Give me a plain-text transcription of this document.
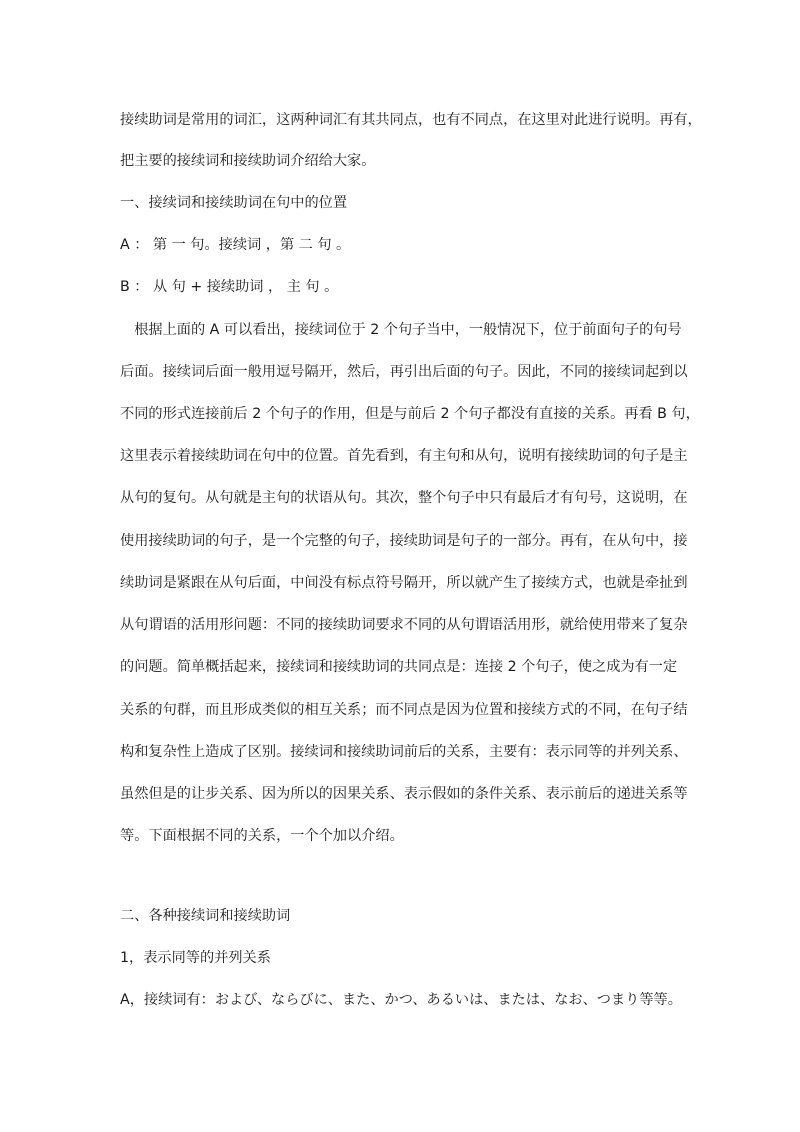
接续助词是常用的词汇，这两种词汇有其共同点，也有不同点，在这里对此进行说明。再有，
把主要的接续词和接续助词介绍给大家。
一、接续词和接续助词在句中的位置
A ： 第 一 句。接续词 ，第 二 句 。
B ： 从 句 + 接续助词 ， 主 句 。
　根据上面的 A 可以看出，接续词位于 2 个句子当中，一般情况下，位于前面句子的句号
后面。接续词后面一般用逗号隔开，然后，再引出后面的句子。因此，不同的接续词起到以
不同的形式连接前后 2 个句子的作用，但是与前后 2 个句子都没有直接的关系。再看 B 句，
这里表示着接续助词在句中的位置。首先看到，有主句和从句，说明有接续助词的句子是主
从句的复句。从句就是主句的状语从句。其次，整个句子中只有最后才有句号，这说明，在
使用接续助词的句子，是一个完整的句子，接续助词是句子的一部分。再有，在从句中，接
续助词是紧跟在从句后面，中间没有标点符号隔开，所以就产生了接续方式，也就是牵扯到
从句谓语的活用形问题：不同的接续助词要求不同的从句谓语活用形，就给使用带来了复杂
的问题。简单概括起来，接续词和接续助词的共同点是：连接 2 个句子，使之成为有一定
关系的句群，而且形成类似的相互关系；而不同点是因为位置和接续方式的不同，在句子结
构和复杂性上造成了区别。接续词和接续助词前后的关系，主要有：表示同等的并列关系、
虽然但是的让步关系、因为所以的因果关系、表示假如的条件关系、表示前后的递进关系等
等。下面根据不同的关系，一个个加以介绍。
二、各种接续词和接续助词
1，表示同等的并列关系
A，接续词有：および、ならびに、また、かつ、あるいは、または、なお、つまり等等。
